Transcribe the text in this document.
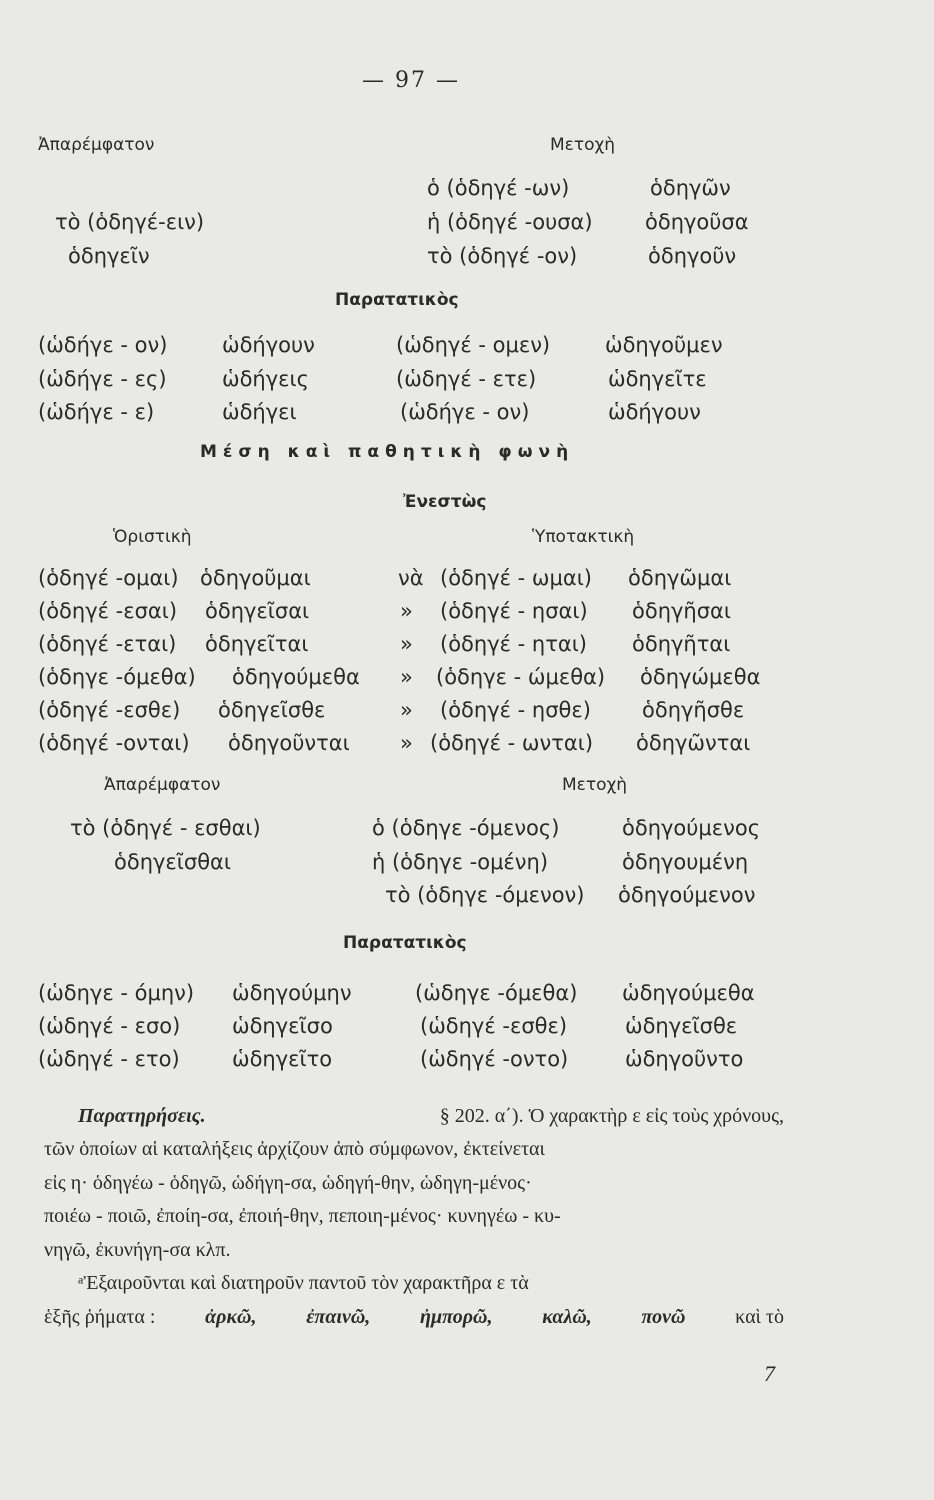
— 97 —
Ἀπαρέμφατον	Μετοχὴ
τὸ (ὁδηγέ-ειν)
ὁδηγεῖν
ὁ (ὁδηγέ -ων)	ὁδηγῶν
ἡ (ὁδηγέ -ουσα) ὁδηγοῦσα
τὸ (ὁδηγέ -ον)	ὁδηγοῦν
Παρατατικὸς
(ὡδήγε - ον)	ὡδήγουν	(ὡδηγέ - ομεν)	ὡδηγοῦμεν
(ὡδήγε - ες)	ὡδήγεις	(ὡδηγέ - ετε)	ὡδηγεῖτε
(ὡδήγε - ε)	ὡδήγει	(ὡδήγε - ον)	ὡδήγουν
Μέση καὶ παθητικὴ φωνὴ
Ἐνεστὼς
Ὁριστικὴ	Ὑποτακτικὴ
(ὁδηγέ -ομαι) ὁδηγοῦμαι	νὰ (ὁδηγέ - ωμαι) ὁδηγῶμαι
(ὁδηγέ -εσαι) ὁδηγεῖσαι	» (ὁδηγέ - ησαι) ὁδηγῆσαι
(ὁδηγέ -εται) ὁδηγεῖται	» (ὁδηγέ - ηται) ὁδηγῆται
(ὁδηγε -όμεθα) ὁδηγούμεθα » (ὁδηγε - ώμεθα) ὁδηγώμεθα
(ὁδηγέ -εσθε) ὁδηγεῖσθε	» (ὁδηγέ - ησθε) ὁδηγῆσθε
(ὁδηγέ -ονται) ὁδηγοῦνται » (ὁδηγέ - ωνται) ὁδηγῶνται
Ἀπαρέμφατον	Μετοχὴ
τὸ (ὁδηγέ - εσθαι)
ὁδηγεῖσθαι
ὁ (ὁδηγε -όμενος)	ὁδηγούμενος
ἡ (ὁδηγε -ομένη)	ὁδηγουμένη
τὸ (ὁδηγε -όμενον) ὁδηγούμενον
Παρατατικὸς
(ὡδηγε - όμην) ὡδηγούμην	(ὡδηγε -όμεθα) ὡδηγούμεθα
(ὡδηγέ - εσο) ὡδηγεῖσο	(ὡδηγέ -εσθε)	ὡδηγεῖσθε
(ὡδηγέ - ετο) ὡδηγεῖτο	(ὡδηγέ -οντο)	ὡδηγοῦντο
Παρατηρήσεις.	§ 202. α΄). Ὁ χαρακτὴρ ε εἰς τοὺς χρόνους,
τῶν ὁποίων αἱ καταλήξεις ἀρχίζουν ἀπὸ σύμφωνον, ἐκτείνεται
εἰς η· ὁδηγέω - ὁδηγῶ, ὡδήγη-σα, ὡδηγή-θην, ὡδηγη-μένος·
ποιέω - ποιῶ, ἐποίη-σα, ἐποιή-θην, πεποιη-μένος· κυνηγέω - κυ-
νηγῶ, ἐκυνήγη-σα κλπ.
ᵃἘξαιροῦνται καὶ διατηροῦν παντοῦ τὸν χαρακτῆρα ε τὰ
ἑξῆς ῥήματα : ἀρκῶ, ἐπαινῶ, ἠμπορῶ, καλῶ, πονῶ καὶ τὸ
7
